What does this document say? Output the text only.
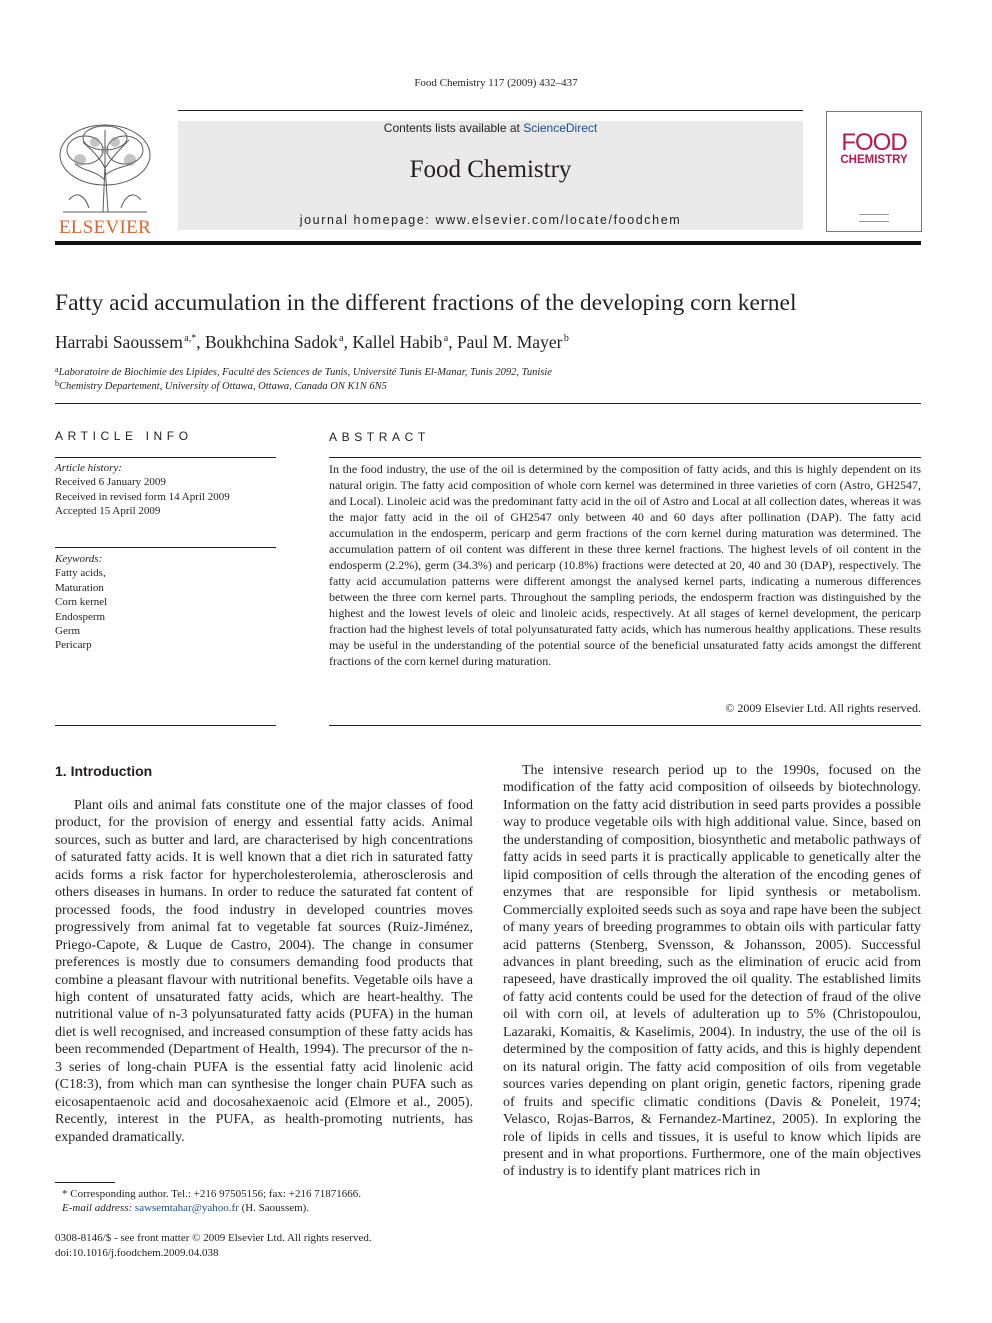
Food Chemistry 117 (2009) 432–437
ELSEVIER
Contents lists available at ScienceDirect
Food Chemistry
journal homepage: www.elsevier.com/locate/foodchem
FOOD
CHEMISTRY
Fatty acid accumulation in the different fractions of the developing corn kernel
Harrabi Saoussem $^{a,*}$, Boukhchina Sadok $^a$, Kallel Habib $^a$, Paul M. Mayer $^b$
$^a$Laboratoire de Biochimie des Lipides, Faculté des Sciences de Tunis, Université Tunis El-Manar, Tunis 2092, Tunisie
$^b$Chemistry Departement, University of Ottawa, Ottawa, Canada ON K1N 6N5
ARTICLE INFO
Article history:
Received 6 January 2009
Received in revised form 14 April 2009
Accepted 15 April 2009
Keywords:
Fatty acids,
Maturation
Corn kernel
Endosperm
Germ
Pericarp
ABSTRACT
In the food industry, the use of the oil is determined by the composition of fatty acids, and this is highly dependent on its natural origin. The fatty acid composition of whole corn kernel was determined in three varieties of corn (Astro, GH2547, and Local). Linoleic acid was the predominant fatty acid in the oil of Astro and Local at all collection dates, whereas it was the major fatty acid in the oil of GH2547 only between 40 and 60 days after pollination (DAP). The fatty acid accumulation in the endosperm, pericarp and germ fractions of the corn kernel during maturation was determined. The accumulation pattern of oil content was different in these three kernel fractions. The highest levels of oil content in the endosperm (2.2%), germ (34.3%) and pericarp (10.8%) fractions were detected at 20, 40 and 30 (DAP), respectively. The fatty acid accumulation patterns were different amongst the analysed kernel parts, indicating a numerous differences between the three corn kernel parts. Throughout the sampling periods, the endosperm fraction was distinguished by the highest and the lowest levels of oleic and linoleic acids, respectively. At all stages of kernel development, the pericarp fraction had the highest levels of total polyunsaturated fatty acids, which has numerous healthy applications. These results may be useful in the understanding of the potential source of the beneficial unsaturated fatty acids amongst the different fractions of the corn kernel during maturation.
© 2009 Elsevier Ltd. All rights reserved.
1. Introduction

Plant oils and animal fats constitute one of the major classes of food product, for the provision of energy and essential fatty acids. Animal sources, such as butter and lard, are characterised by high concentrations of saturated fatty acids. It is well known that a diet rich in saturated fatty acids forms a risk factor for hypercholesterolemia, atherosclerosis and others diseases in humans. In order to reduce the saturated fat content of processed foods, the food industry in developed countries moves progressively from animal fat to vegetable fat sources (Ruiz-Jiménez, Priego-Capote, & Luque de Castro, 2004). The change in consumer preferences is mostly due to consumers demanding food products that combine a pleasant flavour with nutritional benefits. Vegetable oils have a high content of unsaturated fatty acids, which are heart-healthy. The nutritional value of n-3 polyunsaturated fatty acids (PUFA) in the human diet is well recognised, and increased consumption of these fatty acids has been recommended (Department of Health, 1994). The precursor of the n-3 series of long-chain PUFA is the essential fatty acid linolenic acid (C18:3), from which man can synthesise the longer chain PUFA such as eicosapentaenoic acid and docosahexaenoic acid (Elmore et al., 2005). Recently, interest in the PUFA, as health-promoting nutrients, has expanded dramatically.

The intensive research period up to the 1990s, focused on the modification of the fatty acid composition of oilseeds by biotechnology. Information on the fatty acid distribution in seed parts provides a possible way to produce vegetable oils with high additional value. Since, based on the understanding of composition, biosynthetic and metabolic pathways of fatty acids in seed parts it is practically applicable to genetically alter the lipid composition of cells through the alteration of the encoding genes of enzymes that are responsible for lipid synthesis or metabolism. Commercially exploited seeds such as soya and rape have been the subject of many years of breeding programmes to obtain oils with particular fatty acid patterns (Stenberg, Svensson, & Johansson, 2005). Successful advances in plant breeding, such as the elimination of erucic acid from rapeseed, have drastically improved the oil quality. The established limits of fatty acid contents could be used for the detection of fraud of the olive oil with corn oil, at levels of adulteration up to 5% (Christopoulou, Lazaraki, Komaitis, & Kaselimis, 2004). In industry, the use of the oil is determined by the composition of fatty acids, and this is highly dependent on its natural origin. The fatty acid composition of oils from vegetable sources varies depending on plant origin, genetic factors, ripening grade of fruits and specific climatic conditions (Davis & Poneleit, 1974; Velasco, Rojas-Barros, & Fernandez-Martinez, 2005). In exploring the role of lipids in cells and tissues, it is useful to know which lipids are present and in what proportions. Furthermore, one of the main objectives of industry is to identify plant matrices rich in

* Corresponding author. Tel.: +216 97505156; fax: +216 71871666.
E-mail address: sawsemtahar@yahoo.fr (H. Saoussem).
0308-8146/$ - see front matter © 2009 Elsevier Ltd. All rights reserved.
doi:10.1016/j.foodchem.2009.04.038
